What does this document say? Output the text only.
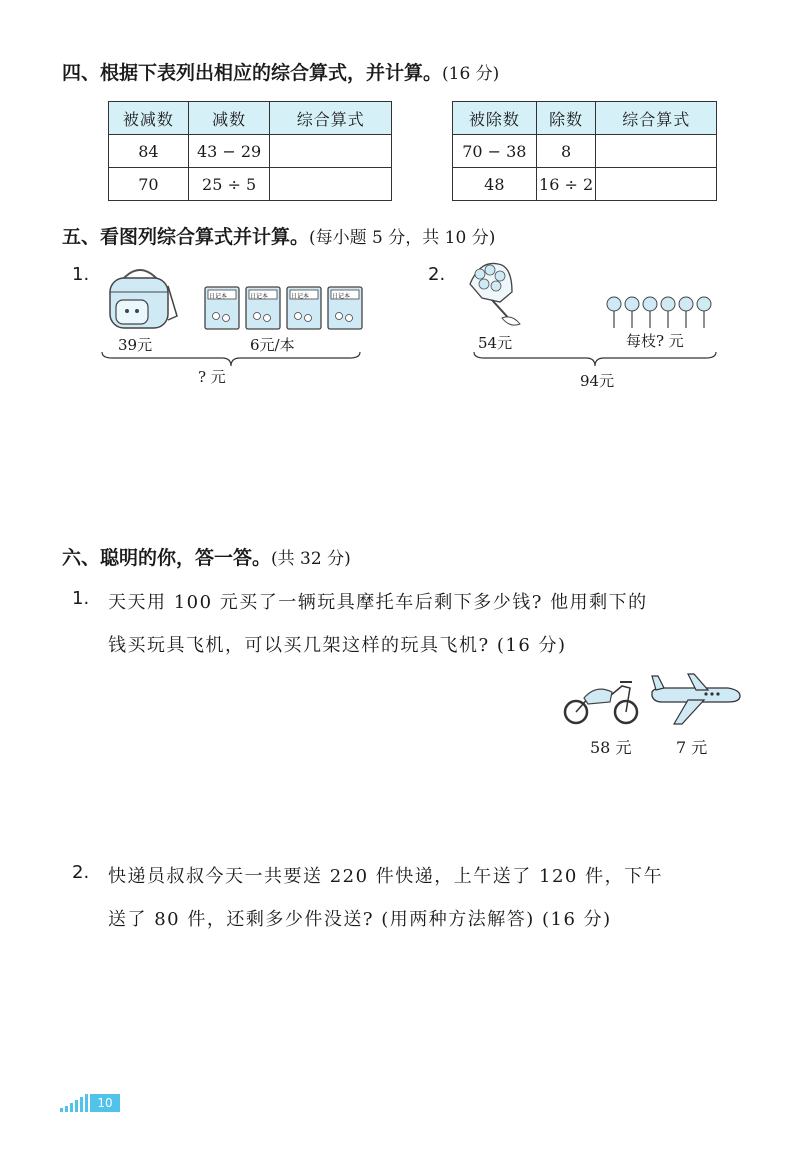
四、根据下表列出相应的综合算式，并计算。(16 分)
被减数	减数	综合算式
84	43 − 29	
70	25 ÷ 5	
被除数	除数	综合算式
70 − 38	8	
48	16 ÷ 2	
五、看图列综合算式并计算。(每小题 5 分，共 10 分)
1.
日记本	日记本	日记本	日记本
39元	6元/本
? 元
2.
54元	每枝? 元
94元
六、聪明的你，答一答。(共 32 分)
1. 天天用 100 元买了一辆玩具摩托车后剩下多少钱? 他用剩下的
钱买玩具飞机，可以买几架这样的玩具飞机? (16 分)
58 元	7 元
2. 快递员叔叔今天一共要送 220 件快递，上午送了 120 件，下午
送了 80 件，还剩多少件没送? (用两种方法解答) (16 分)
10
